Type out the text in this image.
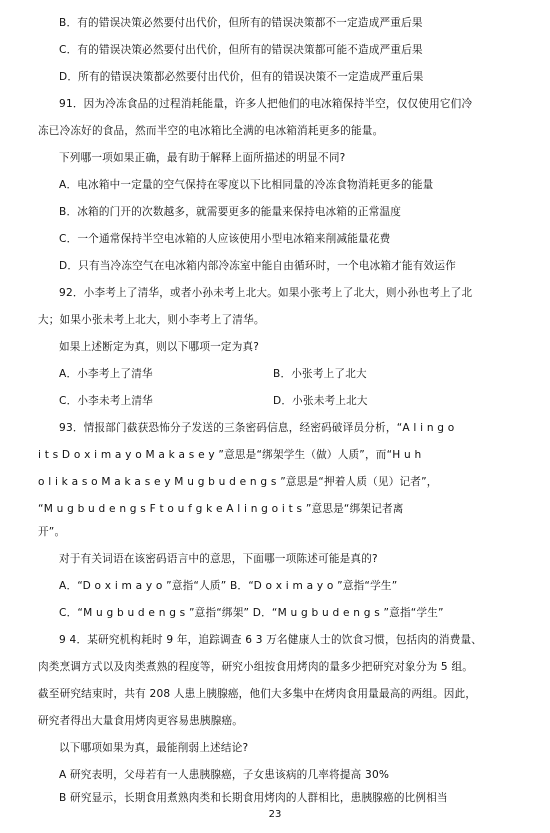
B．有的错误决策必然要付出代价，但所有的错误决策都不一定造成严重后果
C．有的错误决策必然要付出代价，但所有的错误决策都可能不造成严重后果
D．所有的错误决策都必然要付出代价，但有的错误决策不一定造成严重后果
91．因为冷冻食品的过程消耗能量，许多人把他们的电冰箱保持半空，仅仅使用它们冷
冻已冷冻好的食品，然而半空的电冰箱比全满的电冰箱消耗更多的能量。
下列哪一项如果正确，最有助于解释上面所描述的明显不同?
A．电冰箱中一定量的空气保持在零度以下比相同量的冷冻食物消耗更多的能量
B．冰箱的门开的次数越多，就需要更多的能量来保持电冰箱的正常温度
C．一个通常保持半空电冰箱的人应该使用小型电冰箱来削减能量花费
D．只有当冷冻空气在电冰箱内部冷冻室中能自由循环时，一个电冰箱才能有效运作
92．小李考上了清华，或者小孙未考上北大。如果小张考上了北大，则小孙也考上了北
大；如果小张未考上北大，则小李考上了清华。
如果上述断定为真，则以下哪项一定为真?
A．小李考上了清华	B．小张考上了北大
C．小李未考上清华	D．小张未考上北大
93．情报部门截获恐怖分子发送的三条密码信息，经密码破译员分析，“A l i n g o
i t s D o x i m a y o M a k a s e y ”意思是“绑架学生（做）人质”，而“H u h
o l i k a s o M a k a s e y M u g b u d e n g s ”意思是“押着人质（见）记者”，
“M u g b u d e n g s F t o u f g k e A l i n g o i t s ”意思是“绑架记者离
开”。
对于有关词语在该密码语言中的意思，下面哪一项陈述可能是真的?
A．“D o x i m a y o ”意指“人质” B．“D o x i m a y o ”意指“学生”
C．“M u g b u d e n g s ”意指“绑架” D．“M u g b u d e n g s ”意指“学生”
9 4．某研究机构耗时 9 年，追踪调查 6 3 万名健康人士的饮食习惯，包括肉的消费量、
肉类烹调方式以及肉类煮熟的程度等，研究小组按食用烤肉的量多少把研究对象分为 5 组。
截至研究结束时，共有 208 人患上胰腺癌，他们大多集中在烤肉食用量最高的两组。因此，
研究者得出大量食用烤肉更容易患胰腺癌。
以下哪项如果为真，最能削弱上述结论?
A 研究表明，父母若有一人患胰腺癌，子女患该病的几率将提高 30%
B 研究显示，长期食用煮熟肉类和长期食用烤肉的人群相比，患胰腺癌的比例相当
23
